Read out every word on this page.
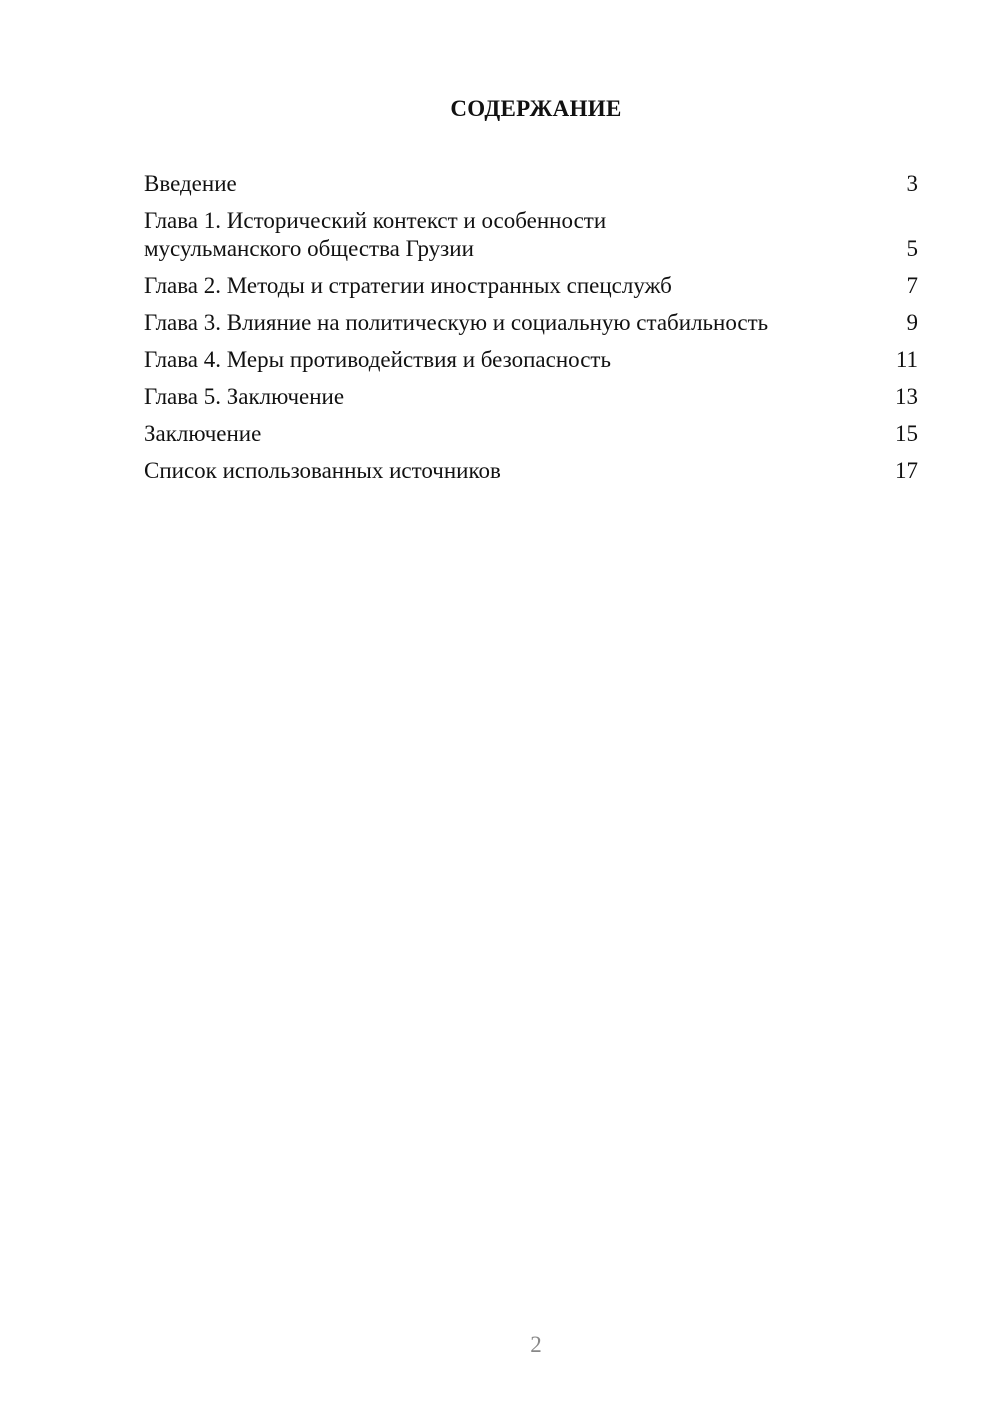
СОДЕРЖАНИЕ
Введение	3
Глава 1. Исторический контекст и особенности
мусульманского общества Грузии	5
Глава 2. Методы и стратегии иностранных спецслужб	7
Глава 3. Влияние на политическую и социальную стабильность	9
Глава 4. Меры противодействия и безопасность	11
Глава 5. Заключение	13
Заключение	15
Список использованных источников	17
2
